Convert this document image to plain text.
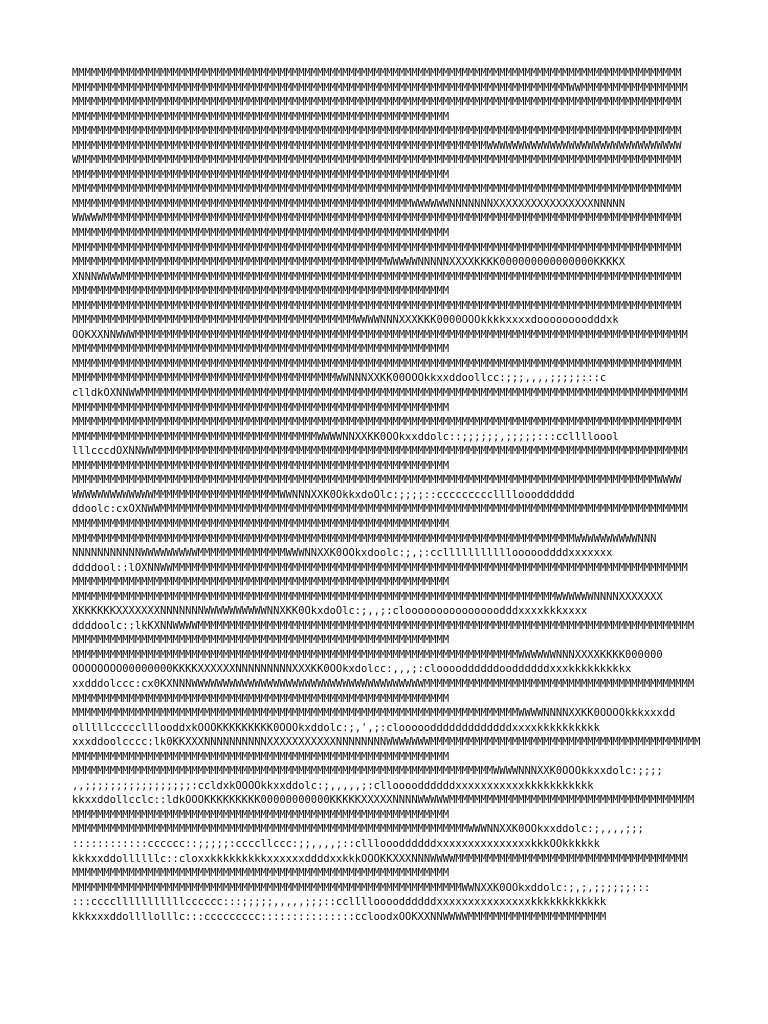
MMMMMMMMMMMMMMMMMMMMMMMMMMMMMMMMMMMMMMMMMMMMMMMMMMMMMMMMMMMMMMMMMMMMMMMMMMMMMMMMMMMMMMMMMMMMMMMMM
MMMMMMMMMMMMMMMMMMMMMMMMMMMMMMMMMMMMMMMMMMMMMMMMMMMMMMMMMMMMMMMMMMMMMMMMMMMMMMMWWMMMMMMMMMMMMMMMMM
MMMMMMMMMMMMMMMMMMMMMMMMMMMMMMMMMMMMMMMMMMMMMMMMMMMMMMMMMMMMMMMMMMMMMMMMMMMMMMMMMMMMMMMMMMMMMMMMM
MMMMMMMMMMMMMMMMMMMMMMMMMMMMMMMMMMMMMMMMMMMMMMMMMMMMMMMMMMMM
MMMMMMMMMMMMMMMMMMMMMMMMMMMMMMMMMMMMMMMMMMMMMMMMMMMMMMMMMMMMMMMMMMMMMMMMMMMMMMMMMMMMMMMMMMMMMMMMM
MMMMMMMMMMMMMMMMMMMMMMMMMMMMMMMMMMMMMMMMMMMMMMMMMMMMMMMMMMMMMMMMMMWWWWWWWWWWWWWWWWWWWWWWWWWWWWWWW
WMMMMMMMMMMMMMMMMMMMMMMMMMMMMMMMMMMMMMMMMMMMMMMMMMMMMMMMMMMMMMMMMMMMMMMMMMMMMMMMMMMMMMMMMMMMMMMMM
MMMMMMMMMMMMMMMMMMMMMMMMMMMMMMMMMMMMMMMMMMMMMMMMMMMMMMMMMMMM
MMMMMMMMMMMMMMMMMMMMMMMMMMMMMMMMMMMMMMMMMMMMMMMMMMMMMMMMMMMMMMMMMMMMMMMMMMMMMMMMMMMMMMMMMMMMMMMMM
MMMMMMMMMMMMMMMMMMMMMMMMMMMMMMMMMMMMMMMMMMMMMMMMMMMMMMWWWWWWNNNNNNNXXXXXXXXXXXXXXXXNNNNN
WWWWWMMMMMMMMMMMMMMMMMMMMMMMMMMMMMMMMMMMMMMMMMMMMMMMMMMMMMMMMMMMMMMMMMMMMMMMMMMMMMMMMMMMMMMMMMMMM
MMMMMMMMMMMMMMMMMMMMMMMMMMMMMMMMMMMMMMMMMMMMMMMMMMMMMMMMMMMM
MMMMMMMMMMMMMMMMMMMMMMMMMMMMMMMMMMMMMMMMMMMMMMMMMMMMMMMMMMMMMMMMMMMMMMMMMMMMMMMMMMMMMMMMMMMMMMMMM
MMMMMMMMMMMMMMMMMMMMMMMMMMMMMMMMMMMMMMMMMMMMMMMMMMWWWWWNNNNNXXXXKKKK000000000000000KKKKX
XNNNWWWWMMMMMMMMMMMMMMMMMMMMMMMMMMMMMMMMMMMMMMMMMMMMMMMMMMMMMMMMMMMMMMMMMMMMMMMMMMMMMMMMMMMMMMMMM
MMMMMMMMMMMMMMMMMMMMMMMMMMMMMMMMMMMMMMMMMMMMMMMMMMMMMMMMMMMM
MMMMMMMMMMMMMMMMMMMMMMMMMMMMMMMMMMMMMMMMMMMMMMMMMMMMMMMMMMMMMMMMMMMMMMMMMMMMMMMMMMMMMMMMMMMMMMMMM
MMMMMMMMMMMMMMMMMMMMMMMMMMMMMMMMMMMMMMMMMMMMMWWWWNNNXXXKKK0000OOOkkkkxxxxdoooooooodddxk
OOKXXNNWWWMMMMMMMMMMMMMMMMMMMMMMMMMMMMMMMMMMMMMMMMMMMMMMMMMMMMMMMMMMMMMMMMMMMMMMMMMMMMMMMMMMMMMMMM
MMMMMMMMMMMMMMMMMMMMMMMMMMMMMMMMMMMMMMMMMMMMMMMMMMMMMMMMMMMM
MMMMMMMMMMMMMMMMMMMMMMMMMMMMMMMMMMMMMMMMMMMMMMMMMMMMMMMMMMMMMMMMMMMMMMMMMMMMMMMMMMMMMMMMMMMMMMMMM
MMMMMMMMMMMMMMMMMMMMMMMMMMMMMMMMMMMMMMMMMMWWNNNXXKK00OOOkkxxddoollcc:;;;,,,,;;;;;:::c
clldkOXNNWWMMMMMMMMMMMMMMMMMMMMMMMMMMMMMMMMMMMMMMMMMMMMMMMMMMMMMMMMMMMMMMMMMMMMMMMMMMMMMMMMMMMMMMM
MMMMMMMMMMMMMMMMMMMMMMMMMMMMMMMMMMMMMMMMMMMMMMMMMMMMMMMMMMMM
MMMMMMMMMMMMMMMMMMMMMMMMMMMMMMMMMMMMMMMMMMMMMMMMMMMMMMMMMMMMMMMMMMMMMMMMMMMMMMMMMMMMMMMMMMMMMMMMM
MMMMMMMMMMMMMMMMMMMMMMMMMMMMMMMMMMMMMMMWWWWNNXXKK0OOkxxddolc::;;;;;;,;;;;;:::cclllloool
lllcccdOXNNWWMMMMMMMMMMMMMMMMMMMMMMMMMMMMMMMMMMMMMMMMMMMMMMMMMMMMMMMMMMMMMMMMMMMMMMMMMMMMMMMMMMMMM
MMMMMMMMMMMMMMMMMMMMMMMMMMMMMMMMMMMMMMMMMMMMMMMMMMMMMMMMMMMM
MMMMMMMMMMMMMMMMMMMMMMMMMMMMMMMMMMMMMMMMMMMMMMMMMMMMMMMMMMMMMMMMMMMMMMMMMMMMMMMMMMMMMMMMMMMMMWWWW
WWWWWWWWWWWWWMMMMMMMMMMMMMMMMMMMMWWNNNXXK0OkkxdoOlc:;;;;::cccccccccllllooodddddd
ddoolc:cxOXNWWMMMMMMMMMMMMMMMMMMMMMMMMMMMMMMMMMMMMMMMMMMMMMMMMMMMMMMMMMMMMMMMMMMMMMMMMMMMMMMMMMMMM
MMMMMMMMMMMMMMMMMMMMMMMMMMMMMMMMMMMMMMMMMMMMMMMMMMMMMMMMMMMM
MMMMMMMMMMMMMMMMMMMMMMMMMMMMMMMMMMMMMMMMMMMMMMMMMMMMMMMMMMMMMMMMMMMMMMMMMMMMMMMMWWWWWWWWWWNNN
NNNNNNNNNNNWWWWWWWWWMMMMMMMMMMMMMMWWWNNXXK0OOkxdoolc:;,;:ccllllllllllloooooddddxxxxxxx
ddddool::lOXNNWWMMMMMMMMMMMMMMMMMMMMMMMMMMMMMMMMMMMMMMMMMMMMMMMMMMMMMMMMMMMMMMMMMMMMMMMMMMMMMMMMMM
MMMMMMMMMMMMMMMMMMMMMMMMMMMMMMMMMMMMMMMMMMMMMMMMMMMMMMMMMMMM
MMMMMMMMMMMMMMMMMMMMMMMMMMMMMMMMMMMMMMMMMMMMMMMMMMMMMMMMMMMMMMMMMMMMMMMMMMMMMWWWWWWNNNNXXXXXXX
XKKKKKKXXXXXXXNNNNNNNWWWWWWWWWWNNXKK0OkxdoOlc:;,,;:clooooooooooooooodddxxxxkkkxxxx
ddddoolc::lkKXNNWWWWMMMMMMMMMMMMMMMMMMMMMMMMMMMMMMMMMMMMMMMMMMMMMMMMMMMMMMMMMMMMMMMMMMMMMMMMMMMMMMM
MMMMMMMMMMMMMMMMMMMMMMMMMMMMMMMMMMMMMMMMMMMMMMMMMMMMMMMMMMMM
MMMMMMMMMMMMMMMMMMMMMMMMMMMMMMMMMMMMMMMMMMMMMMMMMMMMMMMMMMMMMMMMMMMMMMMWWWWWWNNNXXXXKKKK000000
OOOOOOOO00000000KKKKXXXXXXNNNNNNNNNXXXKK0OOkxdolcc:,,,;:clooooddddddooddddddxxxkkkkkkkkkx
xxdddolccc:cx0KXNNNWWWWWWWWWWWWWWWWWWWWWWWWWWWWWWWWWWWWWMMMMMMMMMMMMMMMMMMMMMMMMMMMMMMMMMMMMMMMMMMM
MMMMMMMMMMMMMMMMMMMMMMMMMMMMMMMMMMMMMMMMMMMMMMMMMMMMMMMMMMMM
MMMMMMMMMMMMMMMMMMMMMMMMMMMMMMMMMMMMMMMMMMMMMMMMMMMMMMMMMMMMMMMMMMMMMMMWWWWNNNNXXKK0OOOOkkkxxxdd
olllllccccclllooddxkOOOKKKKKKKKK0OOOkxddolc:;,',;:clooooodddddddddddddxxxxkkkkkkkkkk
xxxddoolcccc:lk0KKXXXNNNNNNNNNNXXXXXXXXXXXNNNNNNNNWWWWWWWMMMMMMMMMMMMMMMMMMMMMMMMMMMMMMMMMMMMMMMMMMM
MMMMMMMMMMMMMMMMMMMMMMMMMMMMMMMMMMMMMMMMMMMMMMMMMMMMMMMMMMMM
MMMMMMMMMMMMMMMMMMMMMMMMMMMMMMMMMMMMMMMMMMMMMMMMMMMMMMMMMMMMMMMMMMMWWWWNNNXXK0OOOkkxxdolc:;;;;
,,;;;;;;;;;;;;;;;;;:ccldxkOOOOkkxxddolc:;,,,,,;:cllooooddddddxxxxxxxxxxxkkkkkkkkkkk
kkxxddollcclc::ldkOOOKKKKKKKKK00000000000KKKKKXXXXXNNNNWWWWWMMMMMMMMMMMMMMMMMMMMMMMMMMMMMMMMMMMMMMM
MMMMMMMMMMMMMMMMMMMMMMMMMMMMMMMMMMMMMMMMMMMMMMMMMMMMMMMMMMMM
MMMMMMMMMMMMMMMMMMMMMMMMMMMMMMMMMMMMMMMMMMMMMMMMMMMMMMMMMMMMMMMWWWNNXXK0OOkxxddolc:;,,,,;;;
::::::::::::cccccc::;;;;;:ccccllccc:;;,,,,;::cllloooddddddxxxxxxxxxxxxxxxkkkOOkkkkkk
kkkxxddollllllc::cloxxkkkkkkkkkxxxxxxddddxxkkkOOOKKXXXNNNWWWWMMMMMMMMMMMMMMMMMMMMMMMMMMMMMMMMMMMMM
MMMMMMMMMMMMMMMMMMMMMMMMMMMMMMMMMMMMMMMMMMMMMMMMMMMMMMMMMMMM
MMMMMMMMMMMMMMMMMMMMMMMMMMMMMMMMMMMMMMMMMMMMMMMMMMMMMMMMMMMMMMWWNXXK0OOkxddolc:;,;,;;;;;;:::
:::cccclllllllllllcccccc:::;;;;;,,,,,;;;::ccllllooooddddddxxxxxxxxxxxxxxxkkkkkkkkkkkk
kkkxxxddollllolllc:::ccccccccc:::::::::::::::ccloodxOOKXXNNWWWWMMMMMMMMMMMMMMMMMMMMMM
